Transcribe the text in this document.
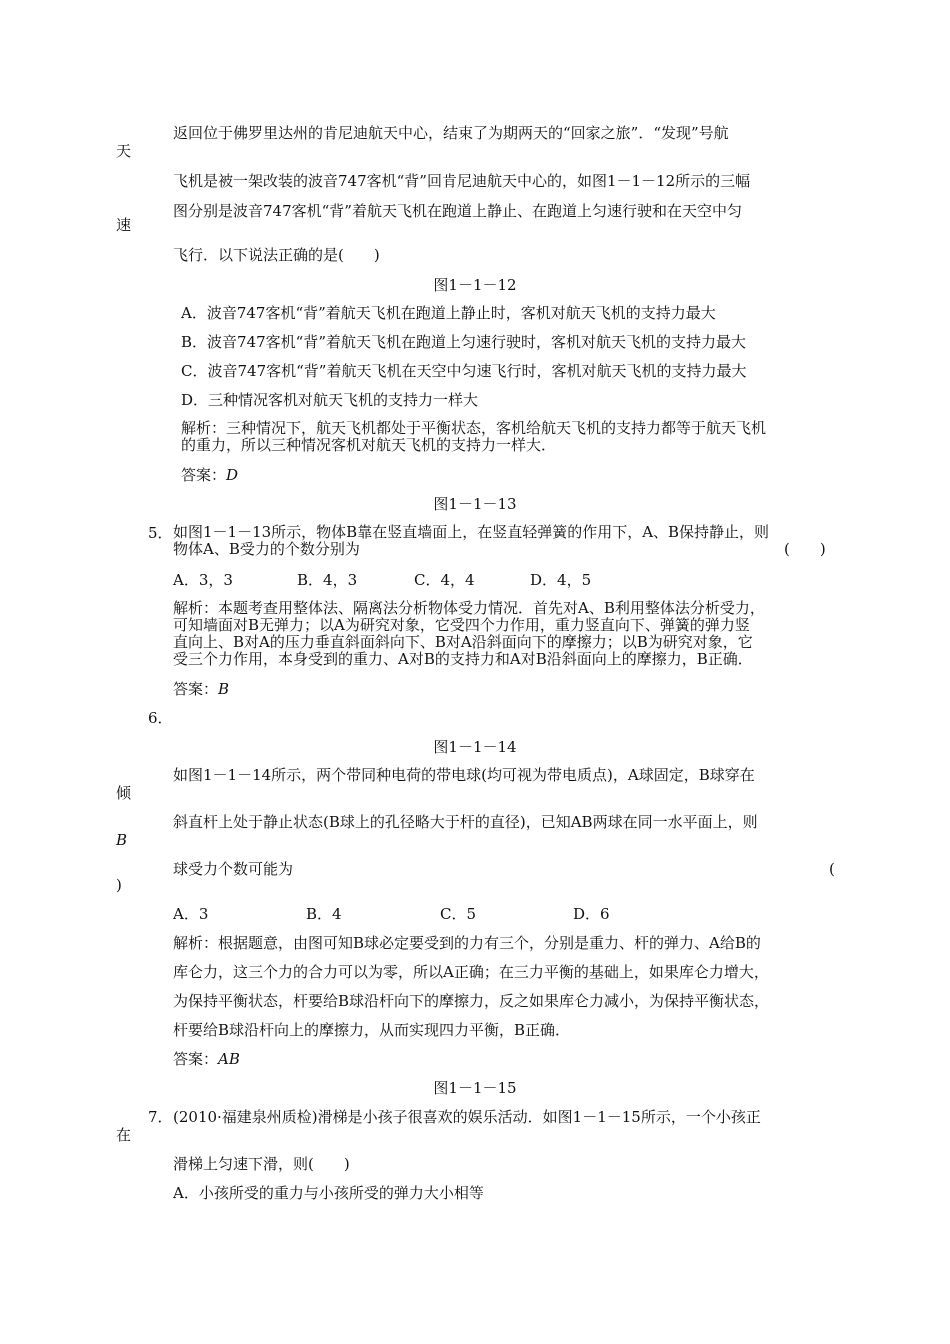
返回位于佛罗里达州的肯尼迪航天中心，结束了为期两天的“回家之旅”．“发现”号航
天
飞机是被一架改装的波音747客机“背”回肯尼迪航天中心的，如图1－1－12所示的三幅
图分别是波音747客机“背”着航天飞机在跑道上静止、在跑道上匀速行驶和在天空中匀
速
飞行．以下说法正确的是(　　)
图1－1－12
A．波音747客机“背”着航天飞机在跑道上静止时，客机对航天飞机的支持力最大
B．波音747客机“背”着航天飞机在跑道上匀速行驶时，客机对航天飞机的支持力最大
C．波音747客机“背”着航天飞机在天空中匀速飞行时，客机对航天飞机的支持力最大
D．三种情况客机对航天飞机的支持力一样大
解析：三种情况下，航天飞机都处于平衡状态，客机给航天飞机的支持力都等于航天飞机
的重力，所以三种情况客机对航天飞机的支持力一样大．
答案：D
图1－1－13
5． 如图1－1－13所示，物体B靠在竖直墙面上，在竖直轻弹簧的作用下，A、B保持静止，则
物体A、B受力的个数分别为	(　　)
A．3，3	B．4，3	C．4，4	D．4，5
解析：本题考查用整体法、隔离法分析物体受力情况．首先对A、B利用整体法分析受力，
可知墙面对B无弹力；以A为研究对象，它受四个力作用，重力竖直向下、弹簧的弹力竖
直向上、B对A的压力垂直斜面斜向下、B对A沿斜面向下的摩擦力；以B为研究对象，它
受三个力作用，本身受到的重力、A对B的支持力和A对B沿斜面向上的摩擦力，B正确．
答案：B
6．
图1－1－14
如图1－1－14所示，两个带同种电荷的带电球(均可视为带电质点)，A球固定，B球穿在
倾
斜直杆上处于静止状态(B球上的孔径略大于杆的直径)，已知AB两球在同一水平面上，则
B
球受力个数可能为	(
)
A．3	B．4	C．5	D．6
解析：根据题意，由图可知B球必定要受到的力有三个，分别是重力、杆的弹力、A给B的
库仑力，这三个力的合力可以为零，所以A正确；在三力平衡的基础上，如果库仑力增大，
为保持平衡状态，杆要给B球沿杆向下的摩擦力，反之如果库仑力减小，为保持平衡状态，
杆要给B球沿杆向上的摩擦力，从而实现四力平衡，B正确．
答案：AB
图1－1－15
7． (2010·福建泉州质检)滑梯是小孩子很喜欢的娱乐活动．如图1－1－15所示，一个小孩正
在
滑梯上匀速下滑，则(　　)
A．小孩所受的重力与小孩所受的弹力大小相等
